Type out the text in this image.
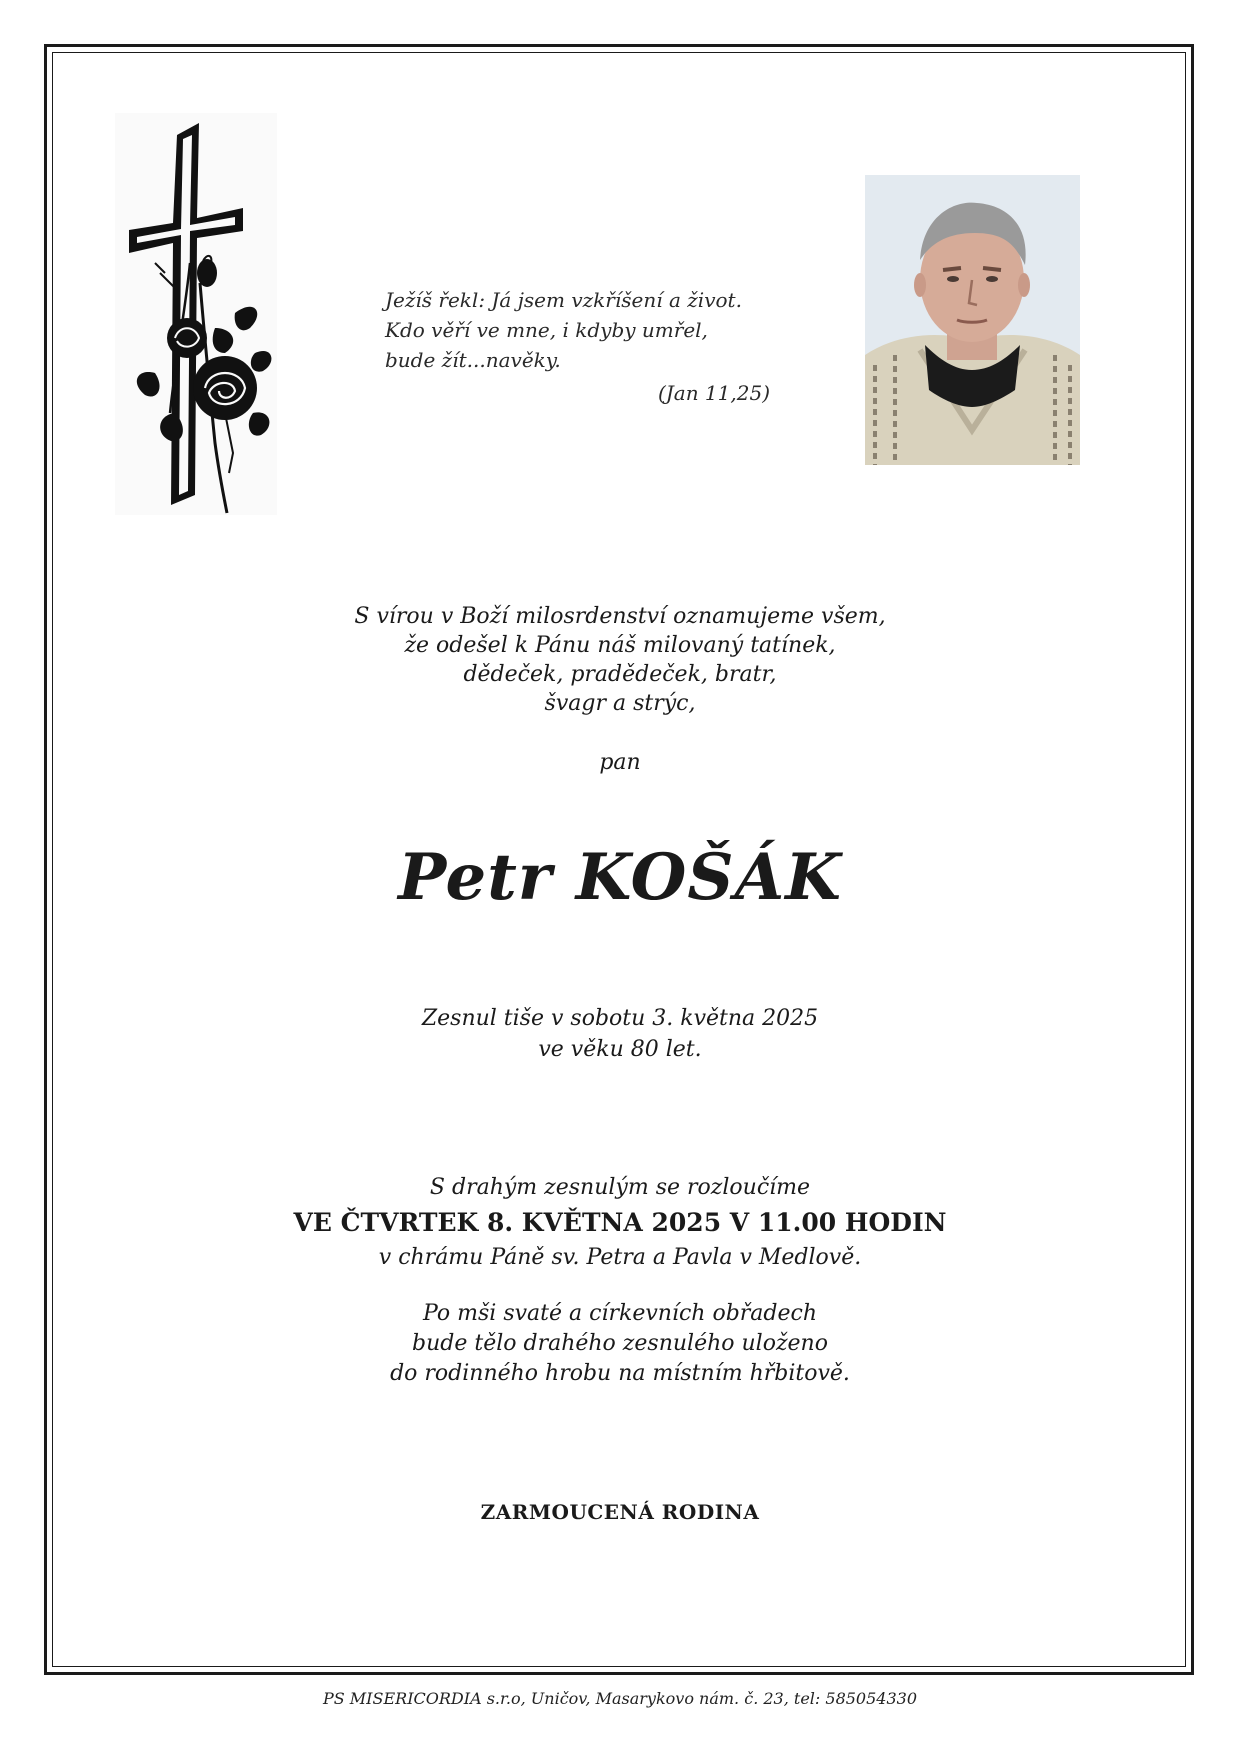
Ježíš řekl: Já jsem vzkříšení a život.
Kdo věří ve mne, i kdyby umřel,
bude žít...navěky.
(Jan 11,25)
S vírou v Boží milosrdenství oznamujeme všem,
že odešel k Pánu náš milovaný tatínek,
dědeček, pradědeček, bratr,
švagr a strýc,
pan
Petr KOŠÁK
Zesnul tiše v sobotu 3. května 2025
ve věku 80 let.
S drahým zesnulým se rozloučíme
VE ČTVRTEK 8. KVĚTNA 2025 V 11.00 HODIN
v chrámu Páně sv. Petra a Pavla v Medlově.
Po mši svaté a církevních obřadech
bude tělo drahého zesnulého uloženo
do rodinného hrobu na místním hřbitově.
ZARMOUCENÁ RODINA
PS MISERICORDIA s.r.o, Uničov, Masarykovo nám. č. 23, tel: 585054330
